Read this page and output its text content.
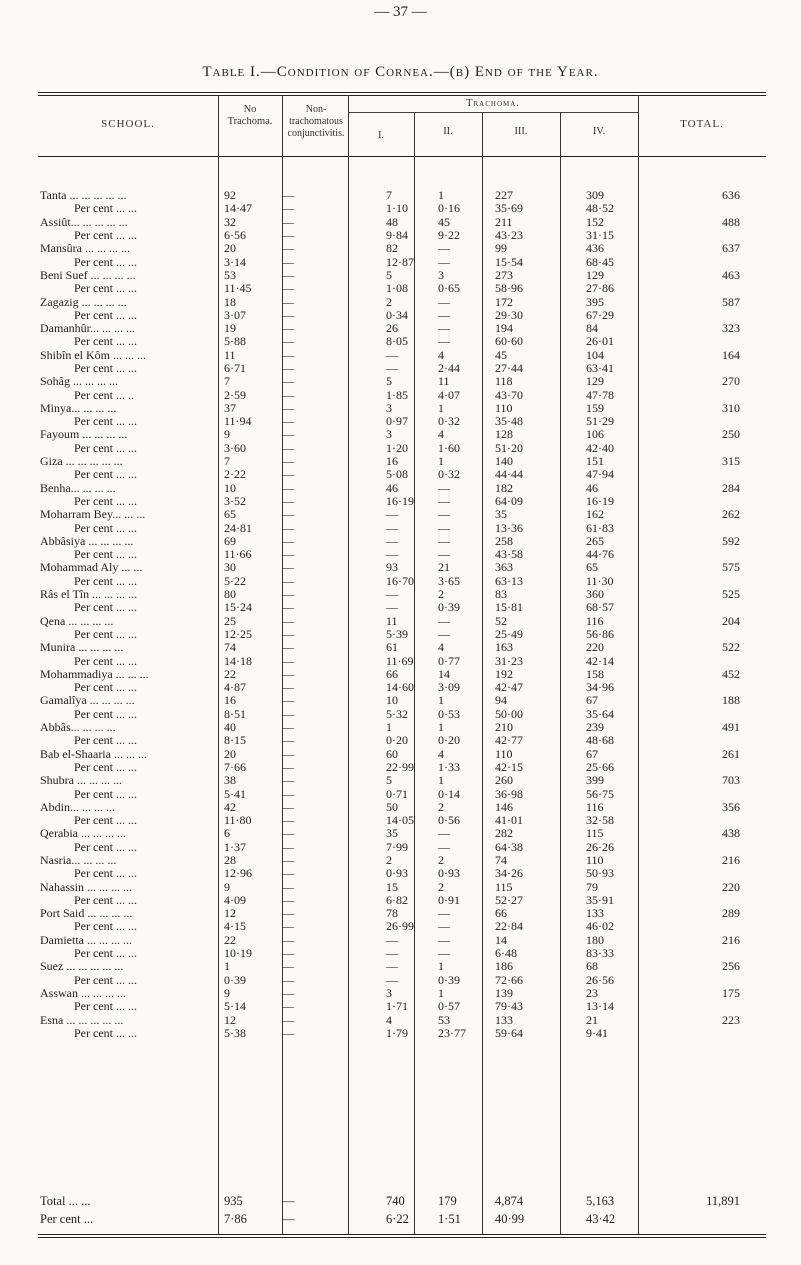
— 37 —
Table I.—Condition of Cornea.—(b) End of the Year.
SCHOOL.
No
Trachoma.
Non-trachomatous
conjunctivitis.
Trachoma.
I.	II.	III.	IV.
TOTAL.
Tanta ... ... ... ... ...	92	—	7	1	227	309	636
Per cent ... ...	14·47	—	1·10	0·16	35·69	48·52	
Assiût... ... ... ... ...	32	—	48	45	211	152	488
Per cent ... ...	6·56	—	9·84	9·22	43·23	31·15	
Mansûra ... ... ... ...	20	—	82	—	99	436	637
Per cent ... ...	3·14	—	12·87	—	15·54	68·45	
Beni Suef ... ... ... ...	53	—	5	3	273	129	463
Per cent ... ...	11·45	—	1·08	0·65	58·96	27·86	
Zagazig ... ... ... ...	18	—	2	—	172	395	587
Per cent ... ...	3·07	—	0·34	—	29·30	67·29	
Damanhûr... ... ... ...	19	—	26	—	194	84	323
Per cent ... ...	5·88	—	8·05	—	60·60	26·01	
Shibîn el Kôm ... ... ...	11	—	—	4	45	104	164
Per cent ... ...	6·71	—	—	2·44	27·44	63·41	
Sohâg ... ... ... ...	7	—	5	11	118	129	270
Per cent ... ..	2·59	—	1·85	4·07	43·70	47·78	
Minya... ... ... ...	37	—	3	1	110	159	310
Per cent ... ...	11·94	—	0·97	0·32	35·48	51·29	
Fayoum ... ... ... ...	9	—	3	4	128	106	250
Per cent ... ...	3·60	—	1·20	1·60	51·20	42·40	
Giza ... ... ... ... ...	7	—	16	1	140	151	315
Per cent ... ...	2·22	—	5·08	0·32	44·44	47·94	
Benha... ... ... ...	10	—	46	—	182	46	284
Per cent ... ...	3·52	—	16·19	—	64·09	16·19	
Moharram Bey... ... ...	65	—	—	—	35	162	262
Per cent ... ...	24·81	—	—	—	13·36	61·83	
Abbâsiya ... ... ... ...	69	—	—	—	258	265	592
Per cent ... ...	11·66	—	—	—	43·58	44·76	
Mohammad Aly ... ...	30	—	93	21	363	65	575
Per cent ... ...	5·22	—	16·70	3·65	63·13	11·30	
Râs el Tîn ... ... ... ...	80	—	—	2	83	360	525
Per cent ... ...	15·24	—	—	0·39	15·81	68·57	
Qena ... ... ... ...	25	—	11	—	52	116	204
Per cent ... ...	12·25	—	5·39	—	25·49	56·86	
Munira ... ... ... ...	74	—	61	4	163	220	522
Per cent ... ...	14·18	—	11·69	0·77	31·23	42·14	
Mohammadiya ... ... ...	22	—	66	14	192	158	452
Per cent ... ...	4·87	—	14·60	3·09	42·47	34·96	
Gamalîya ... ... ... ...	16	—	10	1	94	67	188
Per cent ... ...	8·51	—	5·32	0·53	50·00	35·64	
Abbâs... ... ... ...	40	—	1	1	210	239	491
Per cent ... ...	8·15	—	0·20	0·20	42·77	48·68	
Bab el-Shaaria ... ... ...	20	—	60	4	110	67	261
Per cent ... ...	7·66	—	22·99	1·33	42·15	25·66	
Shubra ... ... ... ...	38	—	5	1	260	399	703
Per cent ... ...	5·41	—	0·71	0·14	36·98	56·75	
Abdin... ... ... ...	42	—	50	2	146	116	356
Per cent ... ...	11·80	—	14·05	0·56	41·01	32·58	
Qerabia ... ... ... ...	6	—	35	—	282	115	438
Per cent ... ...	1·37	—	7·99	—	64·38	26·26	
Nasria... ... ... ...	28	—	2	2	74	110	216
Per cent ... ...	12·96	—	0·93	0·93	34·26	50·93	
Nahassin ... ... ... ...	9	—	15	2	115	79	220
Per cent ... ...	4·09	—	6·82	0·91	52·27	35·91	
Port Said ... ... ... ...	12	—	78	—	66	133	289
Per cent ... ...	4·15	—	26·99	—	22·84	46·02	
Damietta ... ... ... ...	22	—	—	—	14	180	216
Per cent ... ...	10·19	—	—	—	6·48	83·33	
Suez ... ... ... ... ...	1	—	—	1	186	68	256
Per cent ... ...	0·39	—	—	0·39	72·66	26·56	
Asswan ... ... ... ...	9	—	3	1	139	23	175
Per cent ... ...	5·14	—	1·71	0·57	79·43	13·14	
Esna ... ... ... ... ...	12	—	4	53	133	21	223
Per cent ... ...	5·38	—	1·79	23·77	59·64	9·41	
Total ... ...	935	—	740	179	4,874	5,163	11,891
Per cent ...	7·86	—	6·22	1·51	40·99	43·42	
